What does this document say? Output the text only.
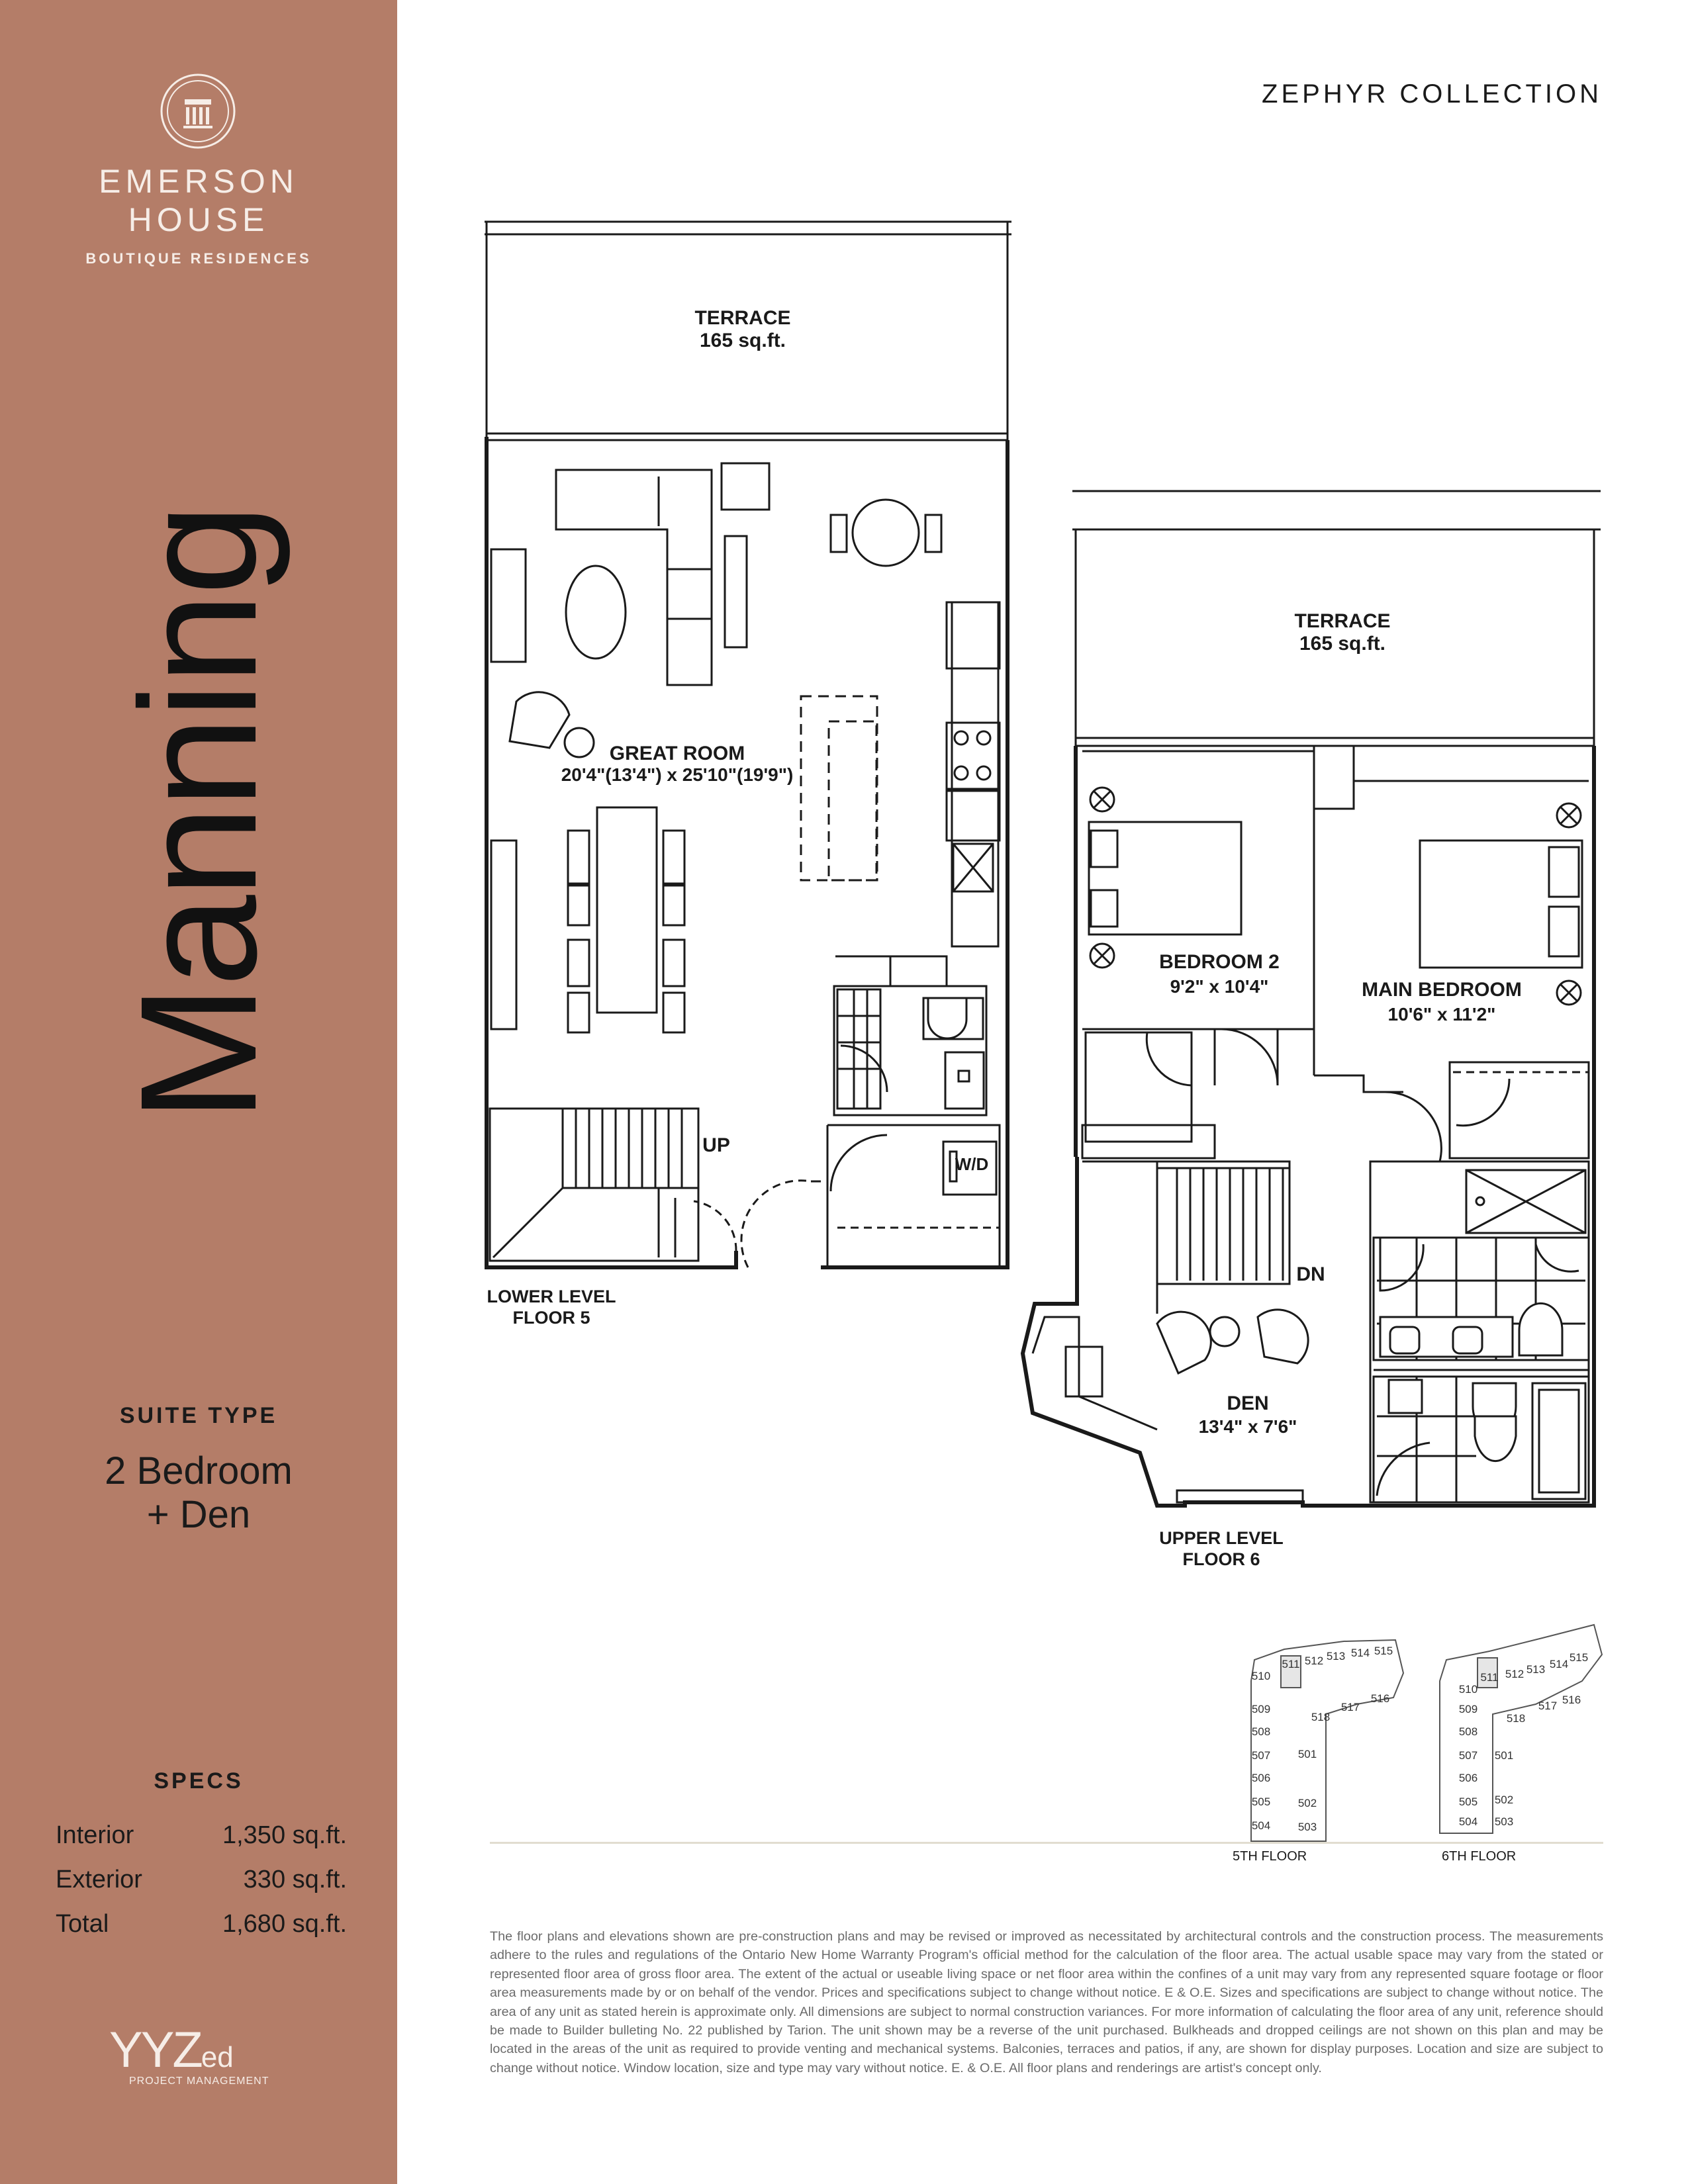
EMERSON
HOUSE
BOUTIQUE RESIDENCES
Manning
SUITE TYPE
2 Bedroom
+ Den
SPECS
Interior	1,350 sq.ft.
Exterior	330 sq.ft.
Total	1,680 sq.ft.
YYZed
PROJECT MANAGEMENT
ZEPHYR COLLECTION
TERRACE
165 sq.ft.
GREAT ROOM
20'4"(13'4") x 25'10"(19'9")
UP
W/D
LOWER LEVEL
FLOOR 5
TERRACE
165 sq.ft.
BEDROOM 2
9'2" x 10'4"	MAIN BEDROOM
10'6" x 11'2"
DN
DEN
13'4" x 7'6"
UPPER LEVEL
FLOOR 6
510
511 512 513 514 515
509
518
517
516
508
507 501
506
505 502
504 503
510
511 512 513 514
515
509
518
517 516
508
507 501
506
505 502
504 503
5TH FLOOR	6TH FLOOR
The floor plans and elevations shown are pre-construction plans and may be revised or improved as necessitated by architectural controls and the construction process. The measurements adhere to the rules and regulations of the Ontario New Home Warranty Program's official method for the calculation of the floor area. The actual usable space may vary from the stated or represented floor area of gross floor area. The extent of the actual or useable living space or net floor area within the confines of a unit may vary from any represented square footage or floor area measurements made by or on behalf of the vendor. Prices and specifications subject to change without notice. E & O.E. Sizes and specifications are subject to change without notice. The area of any unit as stated herein is approximate only. All dimensions are subject to normal construction variances. For more information of calculating the floor area of any unit, reference should be made to Builder bulleting No. 22 published by Tarion. The unit shown may be a reverse of the unit purchased. Bulkheads and dropped ceilings are not shown on this plan and may be located in the areas of the unit as required to provide venting and mechanical systems. Balconies, terraces and patios, if any, are shown for display purposes. Location and size are subject to change without notice. Window location, size and type may vary without notice. E. & O.E. All floor plans and renderings are artist's concept only.
